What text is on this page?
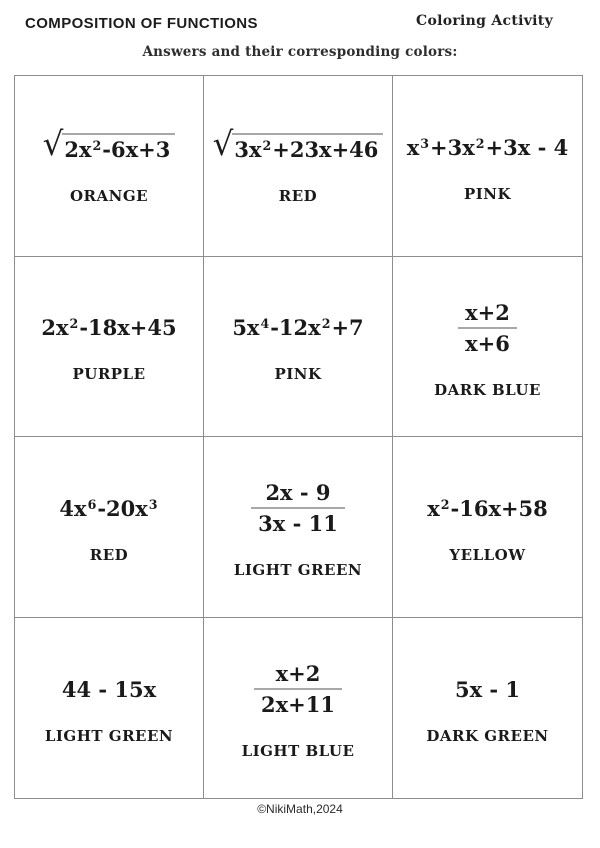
COMPOSITION OF FUNCTIONS	Coloring Activity
Answers and their corresponding colors:
√ $2x^2-6x+3$
ORANGE
√ $3x^2+23x+46$
RED
$x^3+3x^2+3x - 4$
PINK
$2x^2-18x+45$
PURPLE
$5x^4-12x^2+7$
PINK
$\frac{x+2}{x+6}$
DARK BLUE
$4x^6-20x^3$
RED
$\frac{2x - 9}{3x - 11}$
LIGHT GREEN
$x^2-16x+58$
YELLOW
44 - 15x
LIGHT GREEN
$\frac{x+2}{2x+11}$
LIGHT BLUE
5x - 1
DARK GREEN
©NikiMath,2024
